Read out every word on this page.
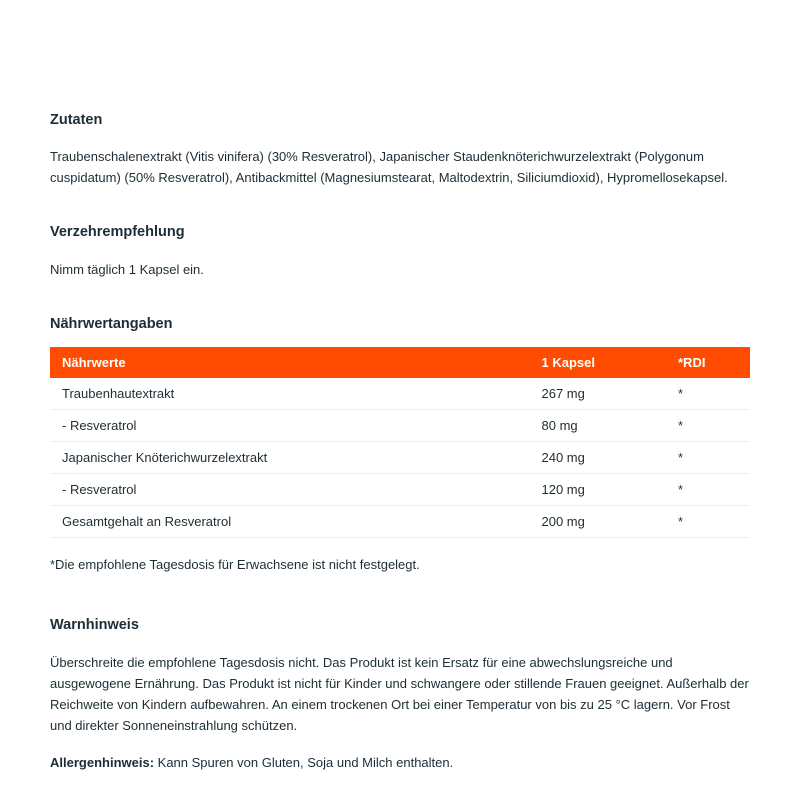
Zutaten

Traubenschalenextrakt (Vitis vinifera) (30% Resveratrol), Japanischer Staudenknöterichwurzelextrakt (Polygonum cuspidatum) (50% Resveratrol), Antibackmittel (Magnesiumstearat, Maltodextrin, Siliciumdioxid), Hypromellosekapsel.

Verzehrempfehlung

Nimm täglich 1 Kapsel ein.

Nährwertangaben
Nährwerte	1 Kapsel	*RDI
Traubenhautextrakt	267 mg	*
- Resveratrol	80 mg	*
Japanischer Knöterichwurzelextrakt	240 mg	*
- Resveratrol	120 mg	*
Gesamtgehalt an Resveratrol	200 mg	*

*Die empfohlene Tagesdosis für Erwachsene ist nicht festgelegt.

Warnhinweis

Überschreite die empfohlene Tagesdosis nicht. Das Produkt ist kein Ersatz für eine abwechslungsreiche und ausgewogene Ernährung. Das Produkt ist nicht für Kinder und schwangere oder stillende Frauen geeignet. Außerhalb der Reichweite von Kindern aufbewahren. An einem trockenen Ort bei einer Temperatur von bis zu 25 °C lagern. Vor Frost und direkter Sonneneinstrahlung schützen.

Allergenhinweis: Kann Spuren von Gluten, Soja und Milch enthalten.
